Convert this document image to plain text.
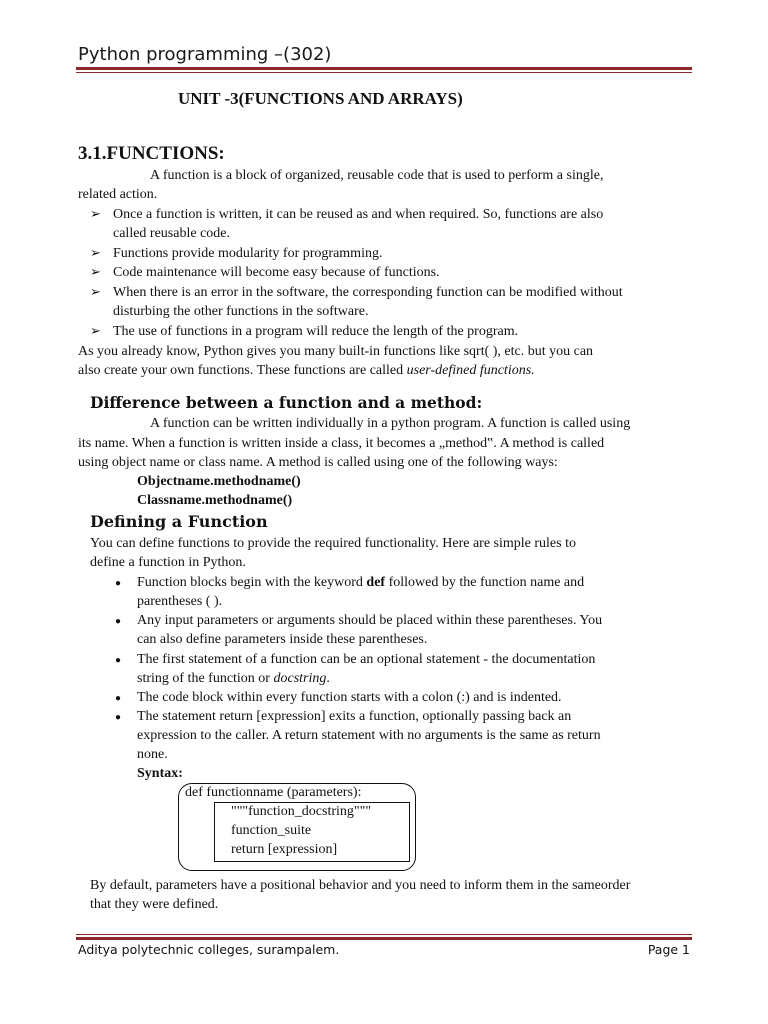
Python programming –(302)
UNIT -3(FUNCTIONS AND ARRAYS)
3.1.FUNCTIONS:
A function is a block of organized, reusable code that is used to perform a single,
related action.
➢ Once a function is written, it can be reused as and when required. So, functions are also
called reusable code.
➢ Functions provide modularity for programming.
➢ Code maintenance will become easy because of functions.
➢ When there is an error in the software, the corresponding function can be modified without
disturbing the other functions in the software.
➢ The use of functions in a program will reduce the length of the program.
As you already know, Python gives you many built-in functions like sqrt( ), etc. but you can
also create your own functions. These functions are called user-defined functions.
Difference between a function and a method:
A function can be written individually in a python program. A function is called using
its name. When a function is written inside a class, it becomes a „method‟. A method is called
using object name or class name. A method is called using one of the following ways:
Objectname.methodname()
Classname.methodname()
Defining a Function
You can define functions to provide the required functionality. Here are simple rules to
define a function in Python.
● Function blocks begin with the keyword def followed by the function name and
parentheses ( ).
● Any input parameters or arguments should be placed within these parentheses. You
can also define parameters inside these parentheses.
● The first statement of a function can be an optional statement - the documentation
string of the function or docstring.
● The code block within every function starts with a colon (:) and is indented.
● The statement return [expression] exits a function, optionally passing back an
expression to the caller. A return statement with no arguments is the same as return
none.
Syntax:
def functionname (parameters):
"""function_docstring"""
function_suite
return [expression]
By default, parameters have a positional behavior and you need to inform them in the sameorder
that they were defined.
Aditya polytechnic colleges, surampalem.	Page 1
